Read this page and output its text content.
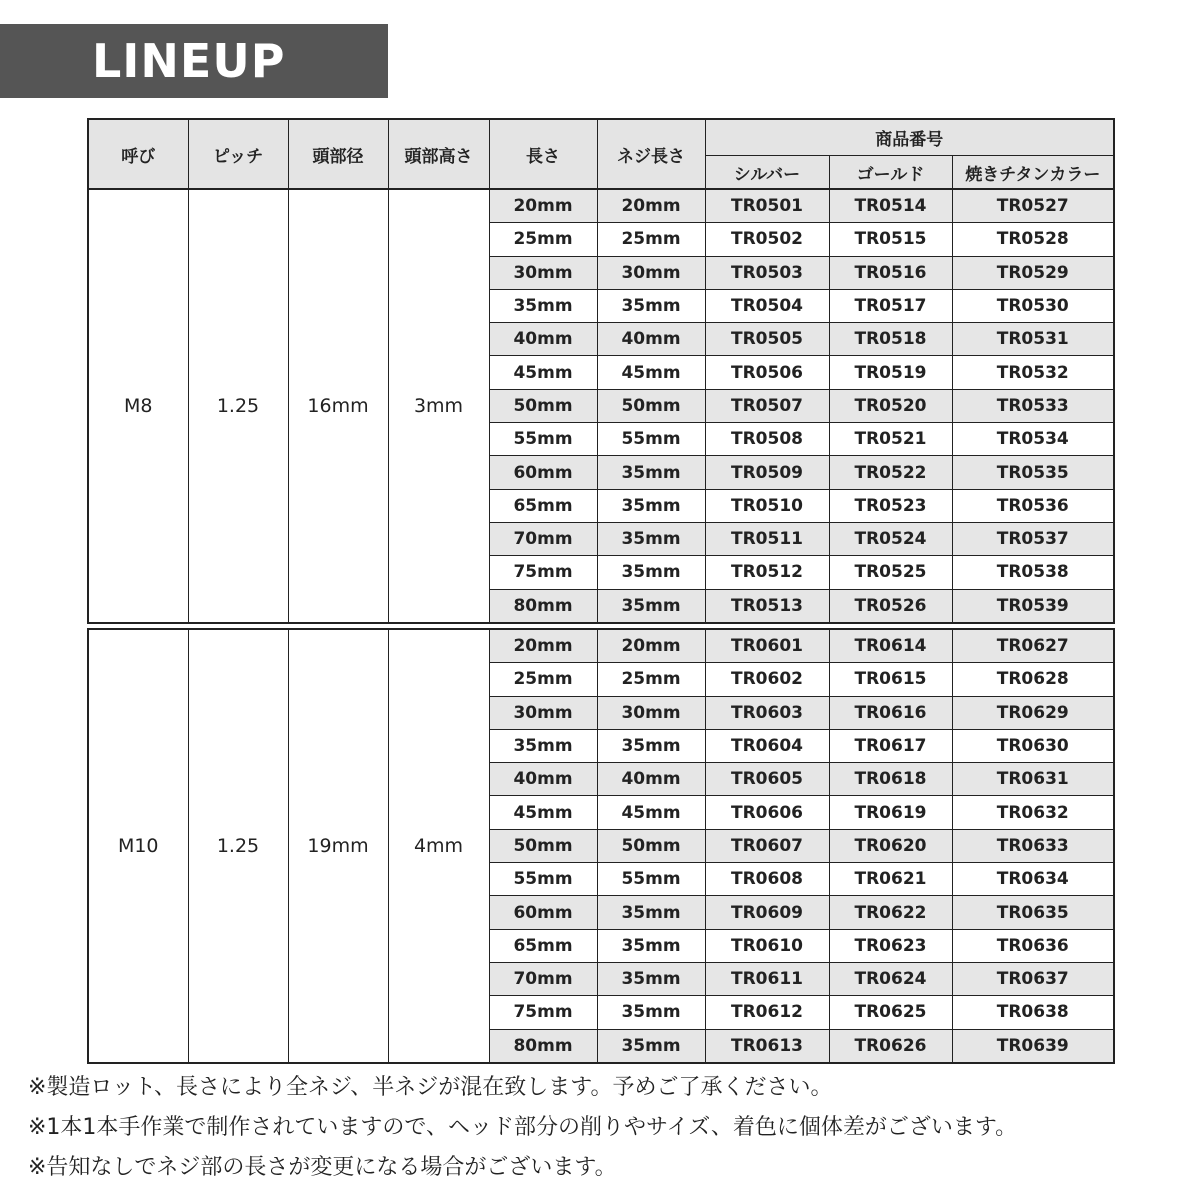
LINEUP
呼び	ピッチ	頭部径	頭部高さ	長さ	ネジ長さ	商品番号		
						シルバー	ゴールド	焼きチタンカラー
M8	1.25	16mm	3mm	20mm	20mm	TR0501	TR0514	TR0527
				25mm	25mm	TR0502	TR0515	TR0528
				30mm	30mm	TR0503	TR0516	TR0529
				35mm	35mm	TR0504	TR0517	TR0530
				40mm	40mm	TR0505	TR0518	TR0531
				45mm	45mm	TR0506	TR0519	TR0532
				50mm	50mm	TR0507	TR0520	TR0533
				55mm	55mm	TR0508	TR0521	TR0534
				60mm	35mm	TR0509	TR0522	TR0535
				65mm	35mm	TR0510	TR0523	TR0536
				70mm	35mm	TR0511	TR0524	TR0537
				75mm	35mm	TR0512	TR0525	TR0538
				80mm	35mm	TR0513	TR0526	TR0539
M10	1.25	19mm	4mm	20mm	20mm	TR0601	TR0614	TR0627
				25mm	25mm	TR0602	TR0615	TR0628
				30mm	30mm	TR0603	TR0616	TR0629
				35mm	35mm	TR0604	TR0617	TR0630
				40mm	40mm	TR0605	TR0618	TR0631
				45mm	45mm	TR0606	TR0619	TR0632
				50mm	50mm	TR0607	TR0620	TR0633
				55mm	55mm	TR0608	TR0621	TR0634
				60mm	35mm	TR0609	TR0622	TR0635
				65mm	35mm	TR0610	TR0623	TR0636
				70mm	35mm	TR0611	TR0624	TR0637
				75mm	35mm	TR0612	TR0625	TR0638
				80mm	35mm	TR0613	TR0626	TR0639
※製造ロット、長さにより全ネジ、半ネジが混在致します。予めご了承ください。
※1本1本手作業で制作されていますので、ヘッド部分の削りやサイズ、着色に個体差がございます。
※告知なしでネジ部の長さが変更になる場合がございます。
